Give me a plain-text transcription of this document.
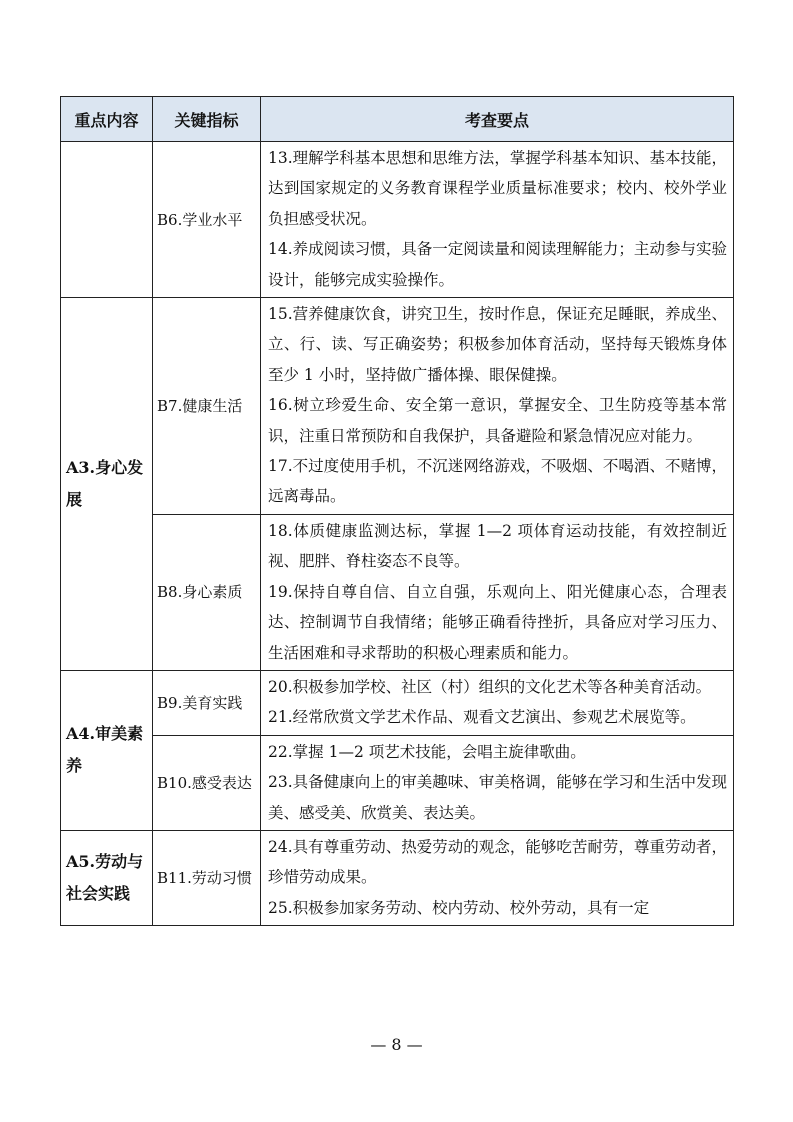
重点内容	关键指标	考查要点
	B6.学业水平	13.理解学科基本思想和思维方法，掌握学科基本知识、基本技能，达到国家规定的义务教育课程学业质量标准要求；校内、校外学业负担感受状况。

14.养成阅读习惯，具备一定阅读量和阅读理解能力；主动参与实验设计，能够完成实验操作。

A3.身心发展	B7.健康生活	15.营养健康饮食，讲究卫生，按时作息，保证充足睡眠，养成坐、立、行、读、写正确姿势；积极参加体育活动，坚持每天锻炼身体至少 1 小时，坚持做广播体操、眼保健操。

16.树立珍爱生命、安全第一意识，掌握安全、卫生防疫等基本常识，注重日常预防和自我保护，具备避险和紧急情况应对能力。

17.不过度使用手机，不沉迷网络游戏，不吸烟、不喝酒、不赌博，远离毒品。

	B8.身心素质	18.体质健康监测达标，掌握 1—2 项体育运动技能，有效控制近视、肥胖、脊柱姿态不良等。

19.保持自尊自信、自立自强，乐观向上、阳光健康心态，合理表达、控制调节自我情绪；能够正确看待挫折，具备应对学习压力、生活困难和寻求帮助的积极心理素质和能力。

A4.审美素养	B9.美育实践	20.积极参加学校、社区（村）组织的文化艺术等各种美育活动。

21.经常欣赏文学艺术作品、观看文艺演出、参观艺术展览等。

	B10.感受表达	22.掌握 1—2 项艺术技能，会唱主旋律歌曲。

23.具备健康向上的审美趣味、审美格调，能够在学习和生活中发现美、感受美、欣赏美、表达美。

A5.劳动与社会实践	B11.劳动习惯	24.具有尊重劳动、热爱劳动的观念，能够吃苦耐劳，尊重劳动者，珍惜劳动成果。

25.积极参加家务劳动、校内劳动、校外劳动，具有一定

— 8 —
